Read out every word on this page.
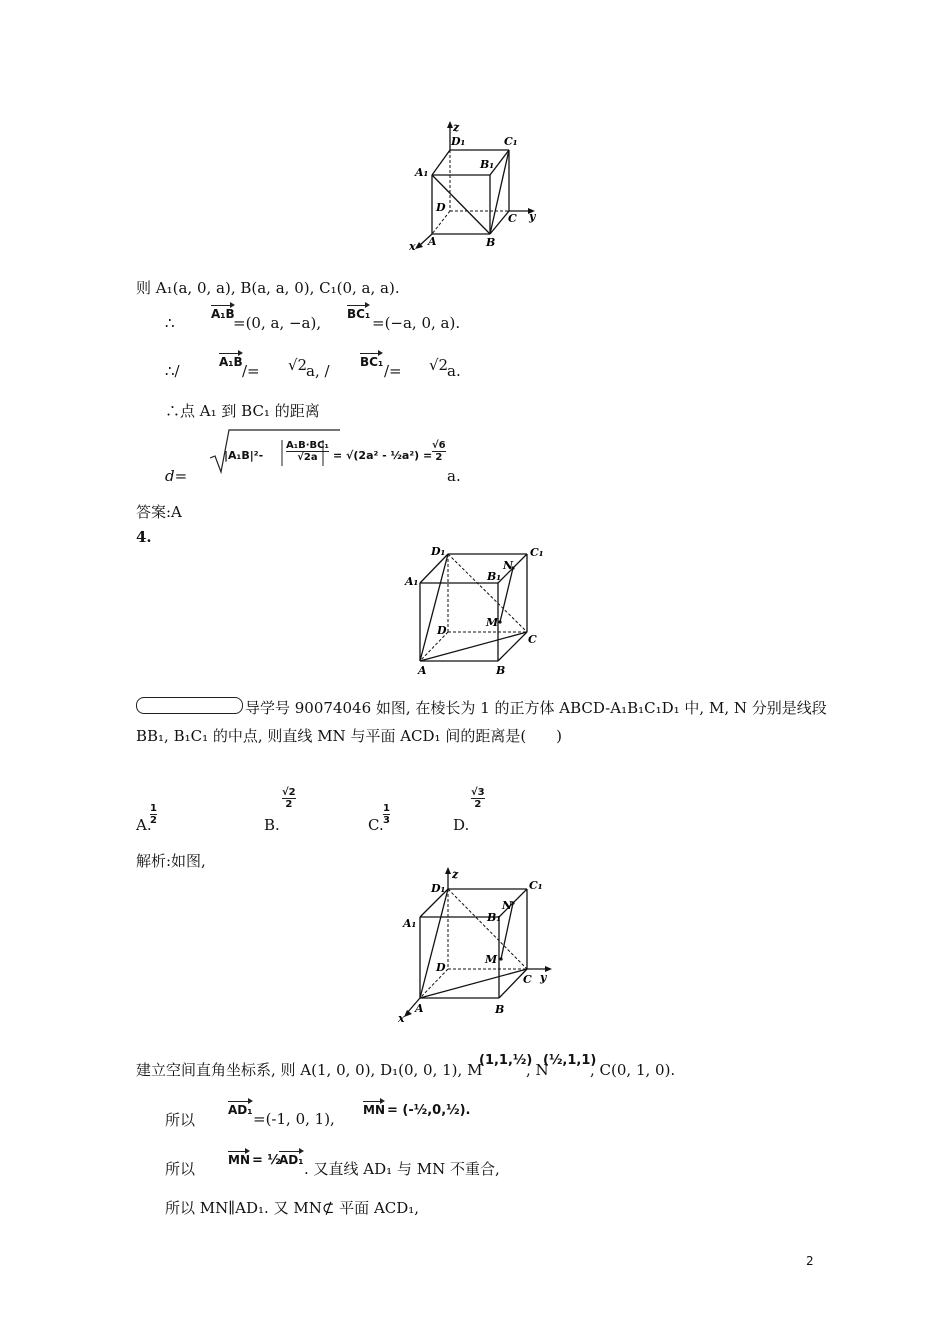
z
D₁	C₁
B₁
A₁
D
C y
A	B
x
则 A₁(a, 0, a), B(a, a, 0), C₁(0, a, a).
∴	A₁B
=(0, a, −a), BC₁ =(−a, 0, a).
∴/	A₁B /= √2
a, /	BC₁ /= √2
a.
∴点 A₁ 到 BC₁ 的距离
d=
$|A_1B|^2- \frac{\text{A₁B·BC₁}}{√2a} = √(2a^2$ - ½a²) = $\frac{√6}{2}$
a.
答案:A
4.
D₁	C₁
N
B₁
A₁
M
D
C
A	B
导学号 90074046 如图, 在棱长为 1 的正方体 ABCD-A₁B₁C₁D₁ 中, M, N 分别是线段
BB₁, B₁C₁ 的中点, 则直线 MN 与平面 ACD₁ 间的距离是(　　)
A.
$\frac{1}{2}$	B.
$\frac{√2}{2}$
C. $\frac{1}{3}$	D.
$\frac{√3}{2}$
解析:如图,
z
D₁	C₁
N
B₁
A₁
M
D
C y
A	B
x
建立空间直角坐标系, 则 A(1, 0, 0), D₁(0, 0, 1), M
(1,1,½)
, N
(½,1,1)
, C(0, 1, 0).
所以
AD₁ =(-1, 0, 1), MN = (-½,0,½).
所以	MN = ½
AD₁ . 又直线 AD₁ 与 MN 不重合,
所以 MN∥AD₁. 又 MN⊄ 平面 ACD₁,
2
